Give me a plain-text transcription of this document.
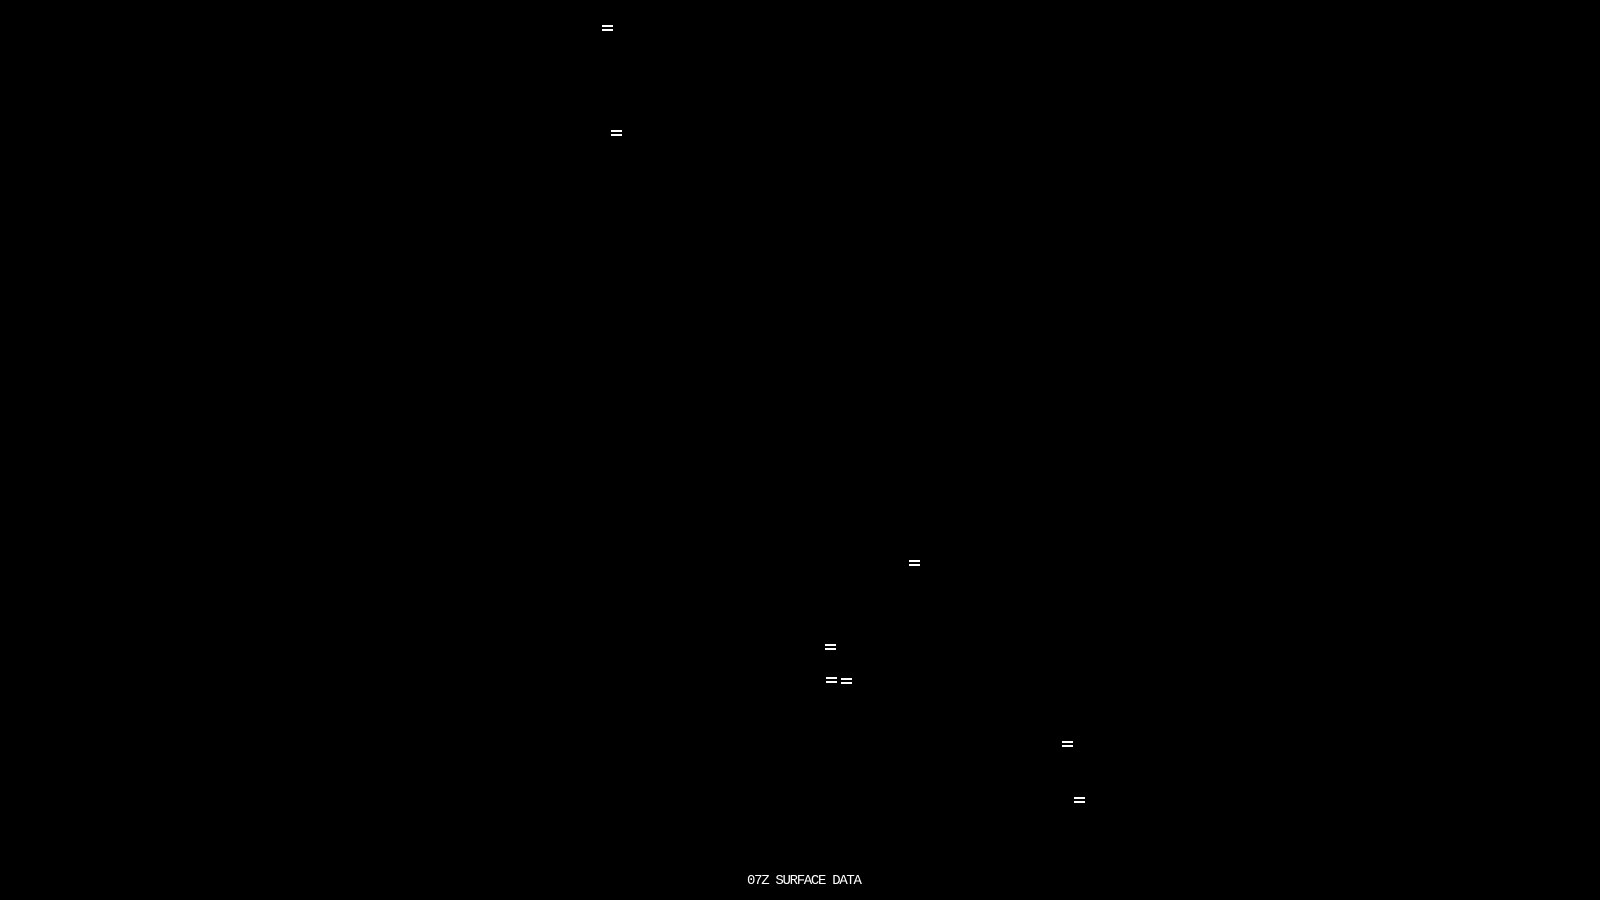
07Z SURFACE DATA
